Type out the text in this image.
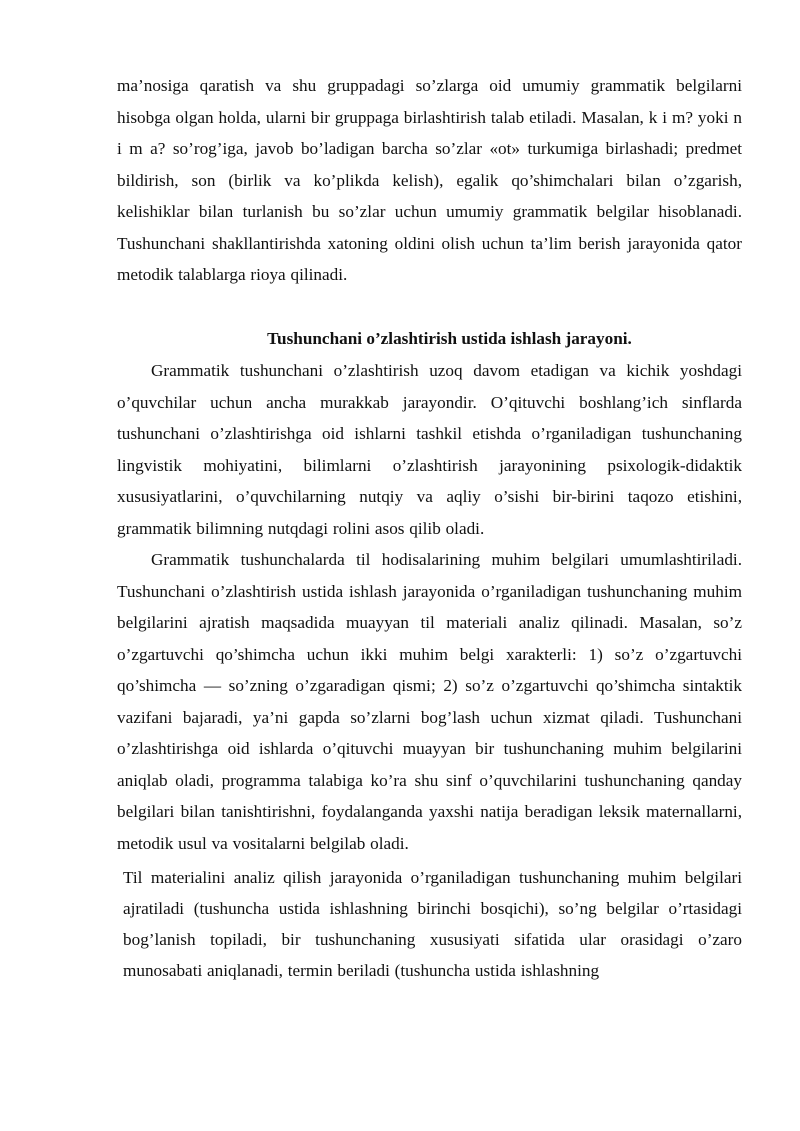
ma’nosiga qaratish va shu gruppadagi so’zlarga oid umumiy grammatik belgilarni hisobga olgan holda, ularni bir gruppaga birlashtirish talab etiladi. Masalan, k i m? yoki n i m a? so’rog’iga, javob bo’ladigan barcha so’zlar «ot» turkumiga birlashadi; predmet bildirish, son (birlik va ko’plikda kelish), egalik qo’shimchalari bilan o’zgarish, kelishiklar bilan turlanish bu so’zlar uchun umumiy grammatik belgilar hisoblanadi. Tushunchani shakllantirishda xatoning oldini olish uchun ta’lim berish jarayonida qator metodik talablarga rioya qilinadi.

Tushunchani o’zlashtirish ustida ishlash jarayoni.

Grammatik tushunchani o’zlashtirish uzoq davom etadigan va kichik yoshdagi o’quvchilar uchun ancha murakkab jarayondir. O’qituvchi boshlang’ich sinflarda tushunchani o’zlashtirishga oid ishlarni tashkil etishda o’rganiladigan tushunchaning lingvistik mohiyatini, bilimlarni o’zlashtirish jarayonining psixologik-didaktik xususiyatlarini, o’quvchilarning nutqiy va aqliy o’sishi bir-birini taqozo etishini, grammatik bilimning nutqdagi rolini asos qilib oladi.

Grammatik tushunchalarda til hodisalarining muhim belgilari umumlashtiriladi. Tushunchani o’zlashtirish ustida ishlash jarayonida o’rganiladigan tushunchaning muhim belgilarini ajratish maqsadida muayyan til materiali analiz qilinadi. Masalan, so’z o’zgartuvchi qo’shimcha uchun ikki muhim belgi xarakterli: 1) so’z o’zgartuvchi qo’shimcha — so’zning o’zgaradigan qismi; 2) so’z o’zgartuvchi qo’shimcha sintaktik vazifani bajaradi, ya’ni gapda so’zlarni bog’lash uchun xizmat qiladi. Tushunchani o’zlashtirishga oid ishlarda o’qituvchi muayyan bir tushunchaning muhim belgilarini aniqlab oladi, programma talabiga ko’ra shu sinf o’quvchilarini tushunchaning qanday belgilari bilan tanishtirishni, foydalanganda yaxshi natija beradigan leksik maternallarni, metodik usul va vositalarni belgilab oladi.

Til materialini analiz qilish jarayonida o’rganiladigan tushunchaning muhim belgilari ajratiladi (tushuncha ustida ishlashning birinchi bosqichi), so’ng belgilar o’rtasidagi bog’lanish topiladi, bir tushunchaning xususiyati sifatida ular orasidagi o’zaro munosabati aniqlanadi, termin beriladi (tushuncha ustida ishlashning
